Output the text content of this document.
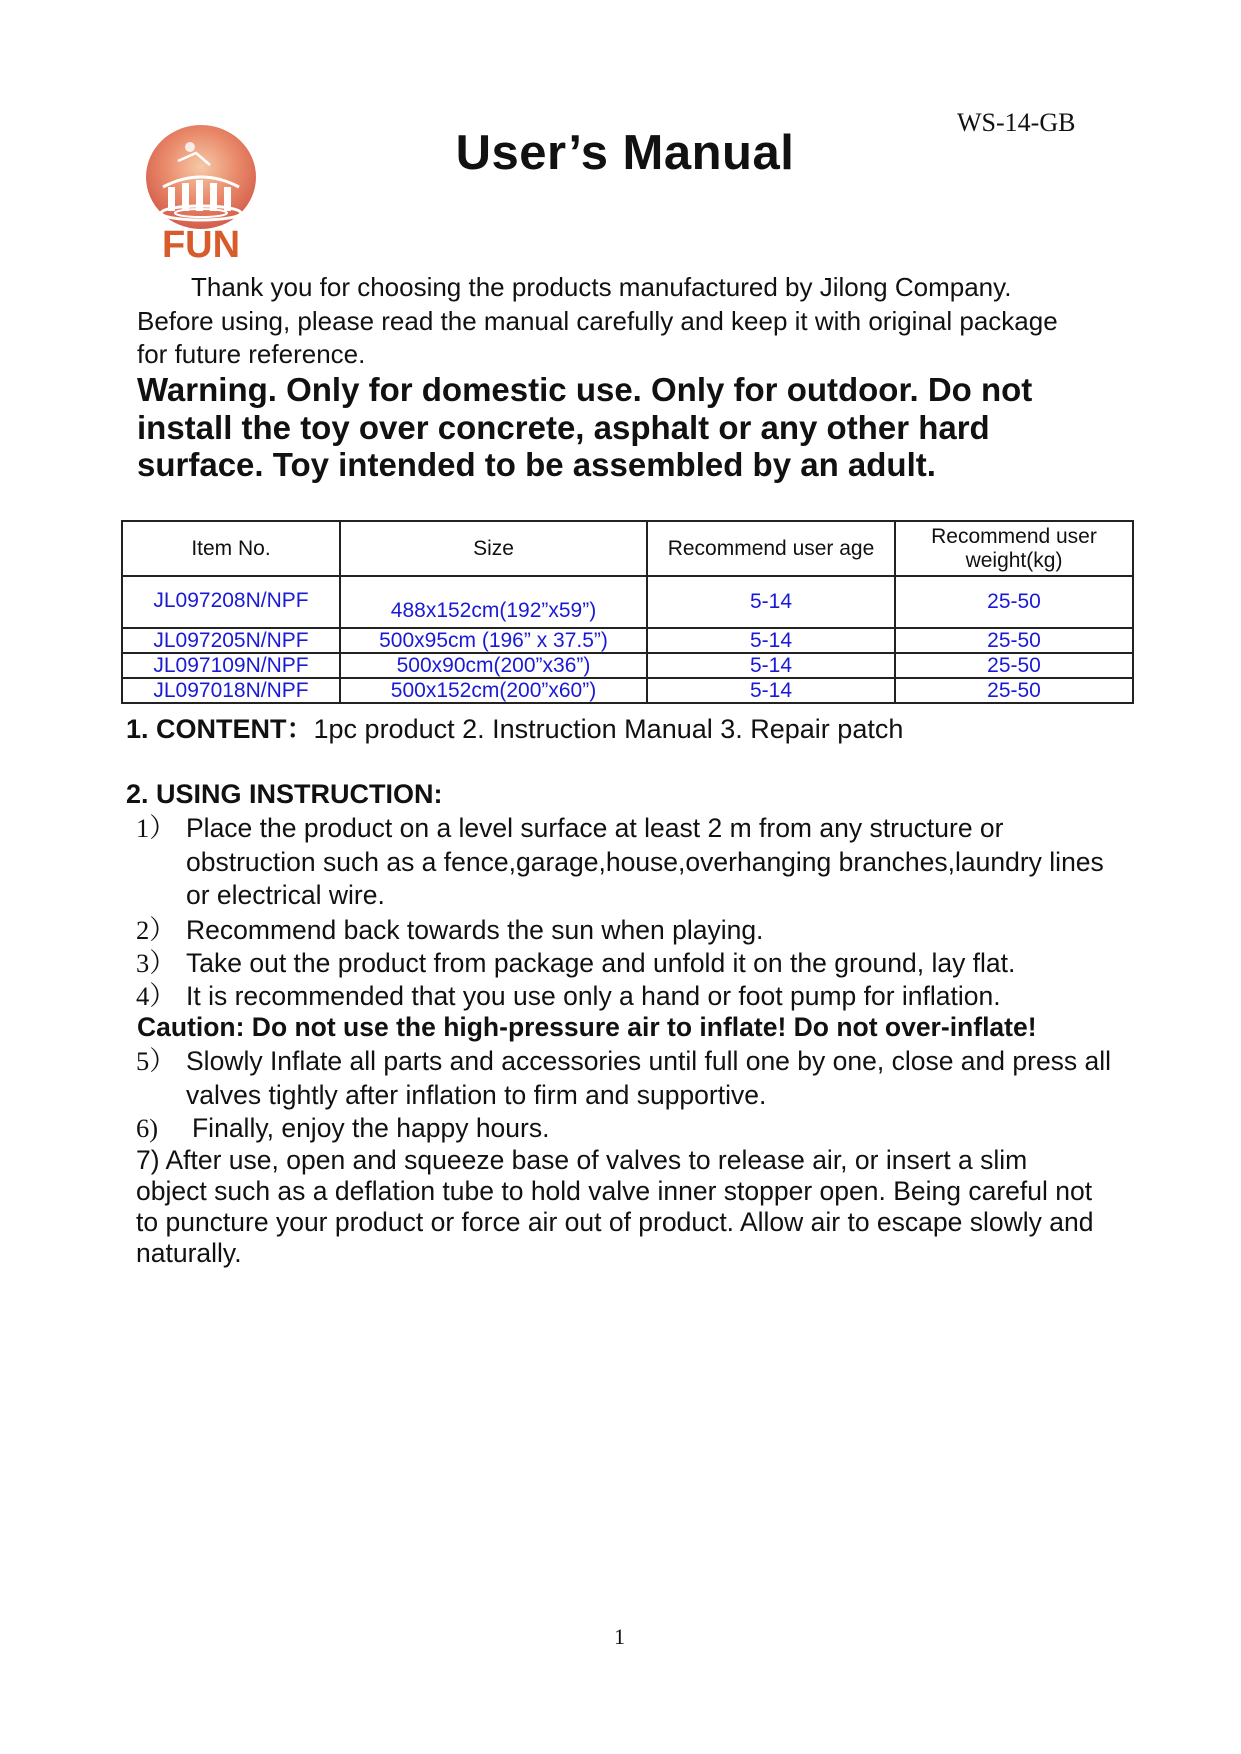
WS-14-GB
FUN
User’s Manual
Thank you for choosing the products manufactured by Jilong Company.
Before using, please read the manual carefully and keep it with original package
for future reference.
Warning. Only for domestic use. Only for outdoor. Do not
install the toy over concrete, asphalt or any other hard
surface. Toy intended to be assembled by an adult.
Item No.	Size	Recommend user age	Recommend user weight(kg)
JL097208N/NPF	488x152cm(192”x59”)	5-14	25-50
JL097205N/NPF	500x95cm (196” x 37.5”)	5-14	25-50
JL097109N/NPF	500x90cm(200”x36”)	5-14	25-50
JL097018N/NPF	500x152cm(200”x60”)	5-14	25-50
1. CONTENT：1pc product 2. Instruction Manual 3. Repair patch
2. USING INSTRUCTION:
1） Place the product on a level surface at least 2 m from any structure or obstruction such as a fence,garage,house,overhanging branches,laundry lines or electrical wire.
2） Recommend back towards the sun when playing.
3） Take out the product from package and unfold it on the ground, lay flat.
4） It is recommended that you use only a hand or foot pump for inflation.
Caution: Do not use the high-pressure air to inflate! Do not over-inflate!
5） Slowly Inflate all parts and accessories until full one by one, close and press all valves tightly after inflation to firm and supportive.
6)	Finally, enjoy the happy hours.
7) After use, open and squeeze base of valves to release air, or insert a slim object such as a deflation tube to hold valve inner stopper open. Being careful not to puncture your product or force air out of product. Allow air to escape slowly and naturally.
1
